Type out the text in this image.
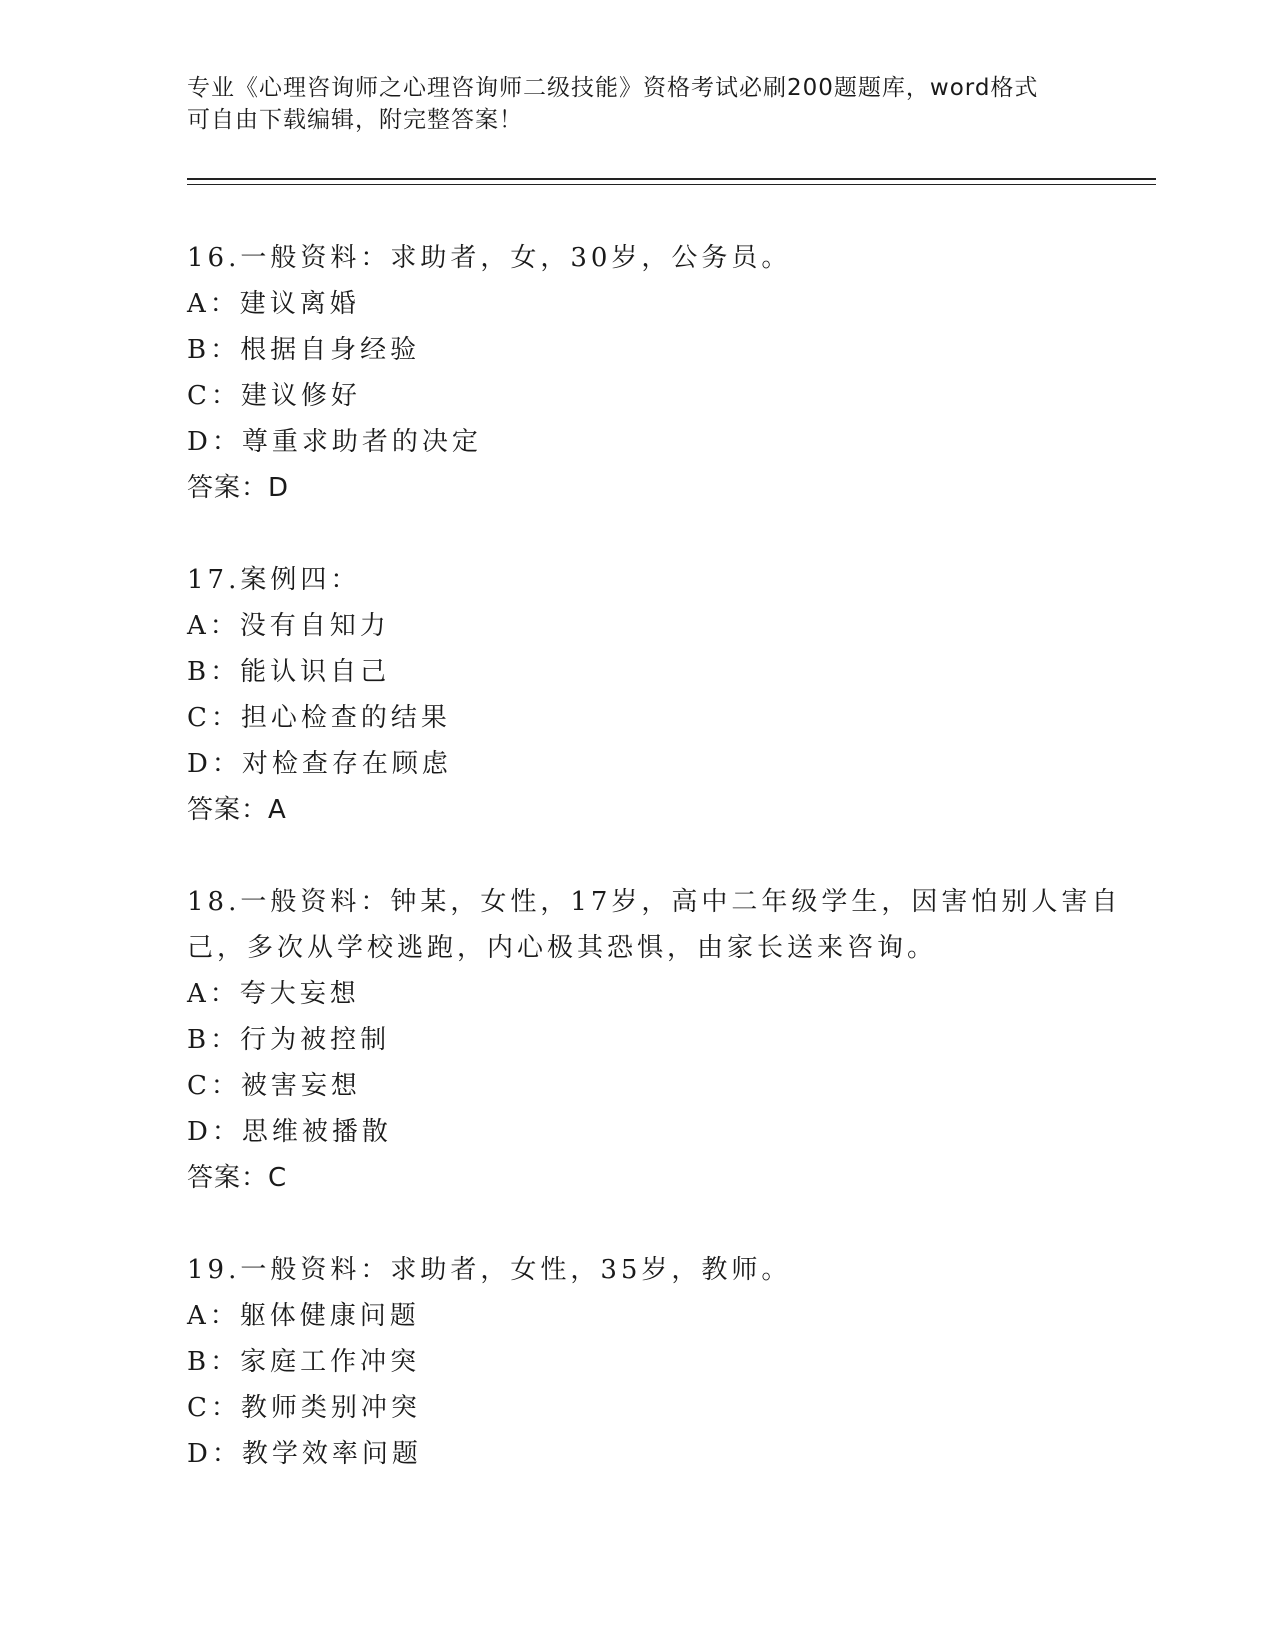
专业《心理咨询师之心理咨询师二级技能》资格考试必刷200题题库，word格式
可自由下载编辑，附完整答案！
16.一般资料：求助者，女，30岁，公务员。
A：建议离婚
B：根据自身经验
C：建议修好
D：尊重求助者的决定
答案：D
17.案例四：
A：没有自知力
B：能认识自己
C：担心检查的结果
D：对检查存在顾虑
答案：A
18.一般资料：钟某，女性，17岁，高中二年级学生，因害怕别人害自
己，多次从学校逃跑，内心极其恐惧，由家长送来咨询。
A：夸大妄想
B：行为被控制
C：被害妄想
D：思维被播散
答案：C
19.一般资料：求助者，女性，35岁，教师。
A：躯体健康问题
B：家庭工作冲突
C：教师类别冲突
D：教学效率问题
